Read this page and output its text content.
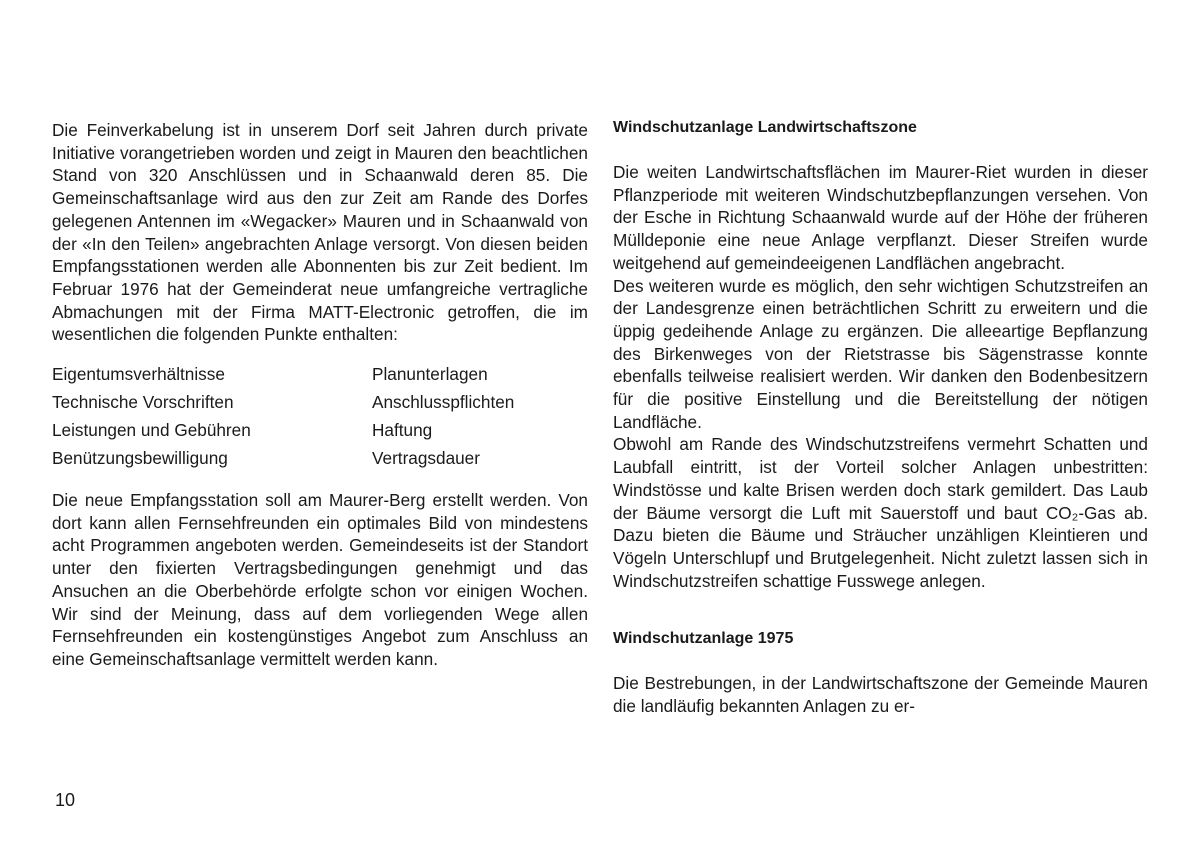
Die Feinverkabelung ist in unserem Dorf seit Jahren durch private Initiative vorangetrieben worden und zeigt in Mauren den beachtlichen Stand von 320 Anschlüssen und in Schaanwald deren 85. Die Gemeinschaftsanlage wird aus den zur Zeit am Rande des Dorfes gelegenen Antennen im «Wegacker» Mauren und in Schaanwald von der «In den Teilen» angebrachten Anlage versorgt. Von diesen beiden Empfangsstationen werden alle Abonnenten bis zur Zeit bedient. Im Februar 1976 hat der Gemeinderat neue umfangreiche vertragliche Abmachungen mit der Firma MATT-Electronic getroffen, die im wesentlichen die folgenden Punkte enthalten:

Eigentumsverhältnisse	Planunterlagen
Technische Vorschriften	Anschlusspflichten
Leistungen und Gebühren	Haftung
Benützungsbewilligung	Vertragsdauer

Die neue Empfangsstation soll am Maurer-Berg erstellt werden. Von dort kann allen Fernsehfreunden ein optimales Bild von mindestens acht Programmen angeboten werden. Gemeindeseits ist der Standort unter den fixierten Vertragsbedingungen genehmigt und das Ansuchen an die Oberbehörde erfolgte schon vor einigen Wochen. Wir sind der Meinung, dass auf dem vorliegenden Wege allen Fernsehfreunden ein kostengünstiges Angebot zum Anschluss an eine Gemeinschaftsanlage vermittelt werden kann.

Windschutzanlage Landwirtschaftszone

Die weiten Landwirtschaftsflächen im Maurer-Riet wurden in dieser Pflanzperiode mit weiteren Windschutzbepflanzungen versehen. Von der Esche in Richtung Schaanwald wurde auf der Höhe der früheren Mülldeponie eine neue Anlage verpflanzt. Dieser Streifen wurde weitgehend auf gemeindeeigenen Landflächen angebracht.

Des weiteren wurde es möglich, den sehr wichtigen Schutzstreifen an der Landesgrenze einen beträchtlichen Schritt zu erweitern und die üppig gedeihende Anlage zu ergänzen. Die alleeartige Bepflanzung des Birkenweges von der Rietstrasse bis Sägenstrasse konnte ebenfalls teilweise realisiert werden. Wir danken den Bodenbesitzern für die positive Einstellung und die Bereitstellung der nötigen Landfläche.

Obwohl am Rande des Windschutzstreifens vermehrt Schatten und Laubfall eintritt, ist der Vorteil solcher Anlagen unbestritten: Windstösse und kalte Brisen werden doch stark gemildert. Das Laub der Bäume versorgt die Luft mit Sauerstoff und baut CO₂-Gas ab. Dazu bieten die Bäume und Sträucher unzähligen Kleintieren und Vögeln Unterschlupf und Brutgelegenheit. Nicht zuletzt lassen sich in Windschutzstreifen schattige Fusswege anlegen.

Windschutzanlage 1975

Die Bestrebungen, in der Landwirtschaftszone der Gemeinde Mauren die landläufig bekannten Anlagen zu er-

10
